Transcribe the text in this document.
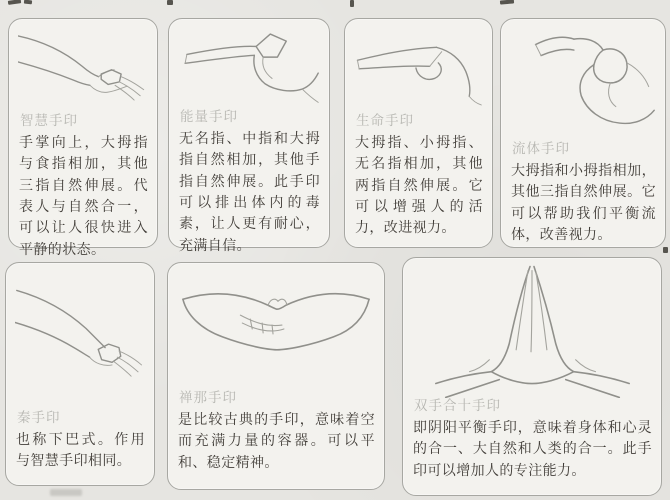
智慧手印

手掌向上，大拇指与食指相加，其他三指自然伸展。代表人与自然合一，可以让人很快进入平静的状态。

能量手印

无名指、中指和大拇指自然相加，其他手指自然伸展。此手印可以排出体内的毒素，让人更有耐心，充满自信。

生命手印

大拇指、小拇指、无名指相加，其他两指自然伸展。它可以增强人的活力，改进视力。

流体手印

大拇指和小拇指相加，其他三指自然伸展。它可以帮助我们平衡流体，改善视力。

秦手印

也称下巴式。作用与智慧手印相同。

禅那手印

是比较古典的手印，意味着空而充满力量的容器。可以平和、稳定精神。

双手合十手印

即阴阳平衡手印，意味着身体和心灵的合一、大自然和人类的合一。此手印可以增加人的专注能力。
